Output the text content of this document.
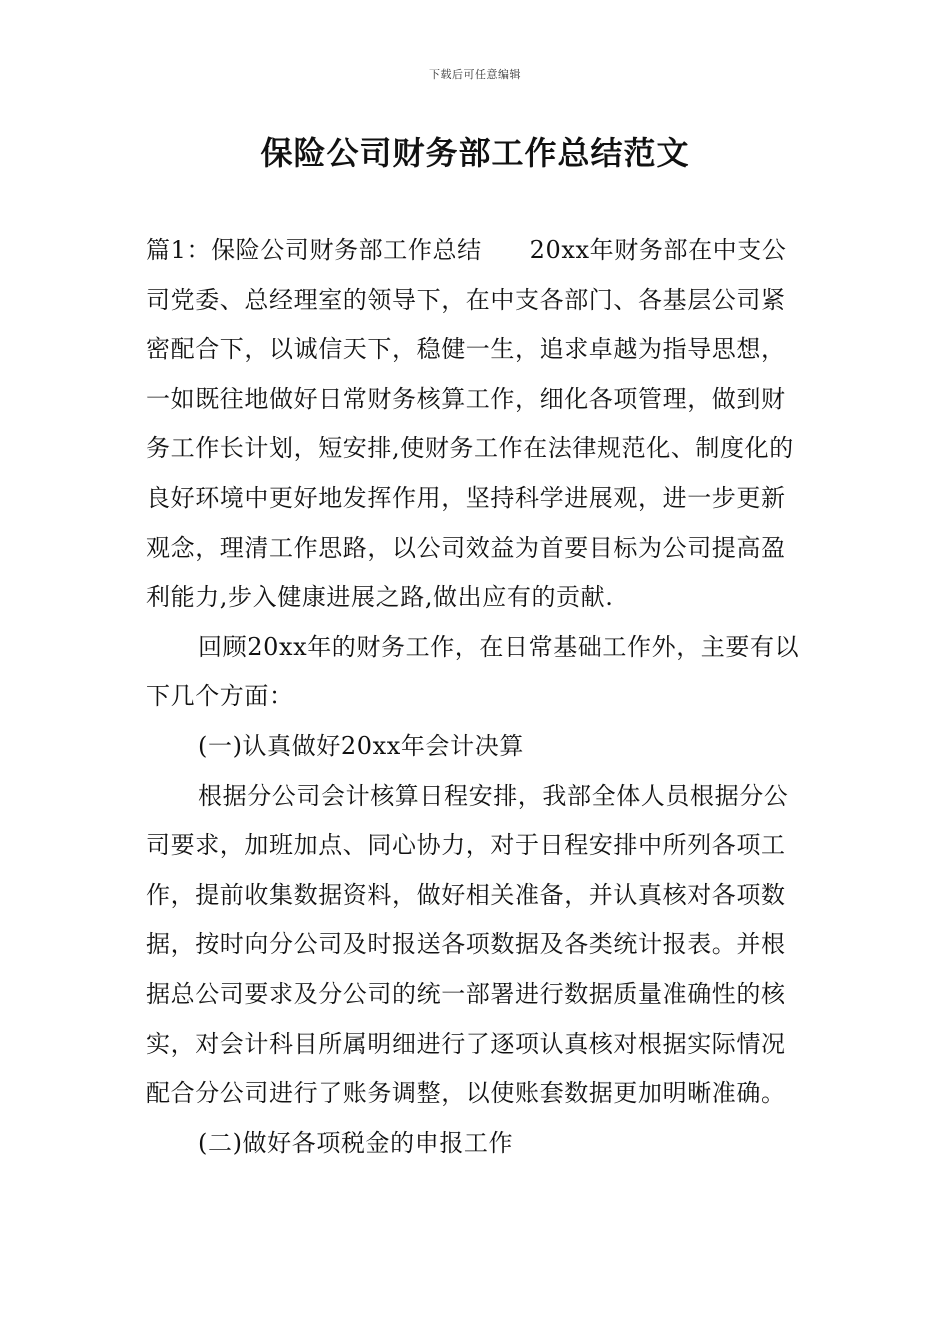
下载后可任意编辑
保险公司财务部工作总结范文

篇1：保险公司财务部工作总结 20xx年财务部在中支公司党委、总经理室的领导下，在中支各部门、各基层公司紧密配合下，以诚信天下，稳健一生，追求卓越为指导思想，一如既往地做好日常财务核算工作，细化各项管理，做到财务工作长计划，短安排,使财务工作在法律规范化、制度化的良好环境中更好地发挥作用，坚持科学进展观，进一步更新观念，理清工作思路，以公司效益为首要目标为公司提高盈利能力,步入健康进展之路,做出应有的贡献.

回顾20xx年的财务工作，在日常基础工作外，主要有以下几个方面：

(一)认真做好20xx年会计决算

根据分公司会计核算日程安排，我部全体人员根据分公司要求，加班加点、同心协力，对于日程安排中所列各项工作，提前收集数据资料，做好相关准备，并认真核对各项数据，按时向分公司及时报送各项数据及各类统计报表。并根据总公司要求及分公司的统一部署进行数据质量准确性的核实，对会计科目所属明细进行了逐项认真核对根据实际情况配合分公司进行了账务调整，以使账套数据更加明晰准确。

(二)做好各项税金的申报工作
